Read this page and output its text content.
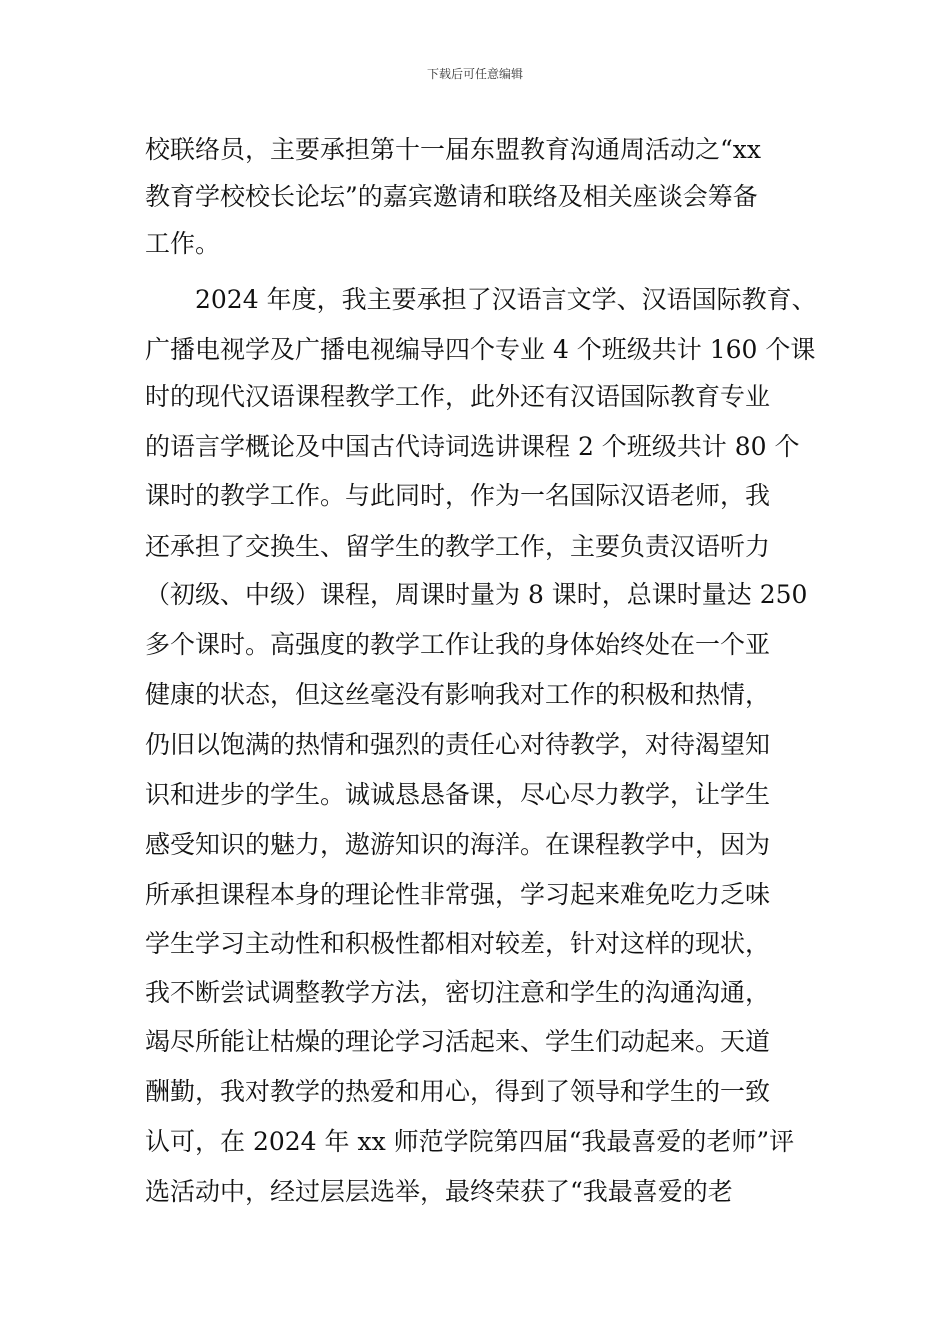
下载后可任意编辑
校联络员，主要承担第十一届东盟教育沟通周活动之“xx
教育学校校长论坛”的嘉宾邀请和联络及相关座谈会筹备
工作。
2024 年度，我主要承担了汉语言文学、汉语国际教育、
广播电视学及广播电视编导四个专业 4 个班级共计 160 个课
时的现代汉语课程教学工作，此外还有汉语国际教育专业
的语言学概论及中国古代诗词选讲课程 2 个班级共计 80 个
课时的教学工作。与此同时，作为一名国际汉语老师，我
还承担了交换生、留学生的教学工作，主要负责汉语听力
（初级、中级）课程，周课时量为 8 课时，总课时量达 250
多个课时。高强度的教学工作让我的身体始终处在一个亚
健康的状态，但这丝毫没有影响我对工作的积极和热情，
仍旧以饱满的热情和强烈的责任心对待教学，对待渴望知
识和进步的学生。诚诚恳恳备课，尽心尽力教学，让学生
感受知识的魅力，遨游知识的海洋。在课程教学中，因为
所承担课程本身的理论性非常强，学习起来难免吃力乏味
学生学习主动性和积极性都相对较差，针对这样的现状，
我不断尝试调整教学方法，密切注意和学生的沟通沟通，
竭尽所能让枯燥的理论学习活起来、学生们动起来。天道
酬勤，我对教学的热爱和用心，得到了领导和学生的一致
认可，在 2024 年 xx 师范学院第四届“我最喜爱的老师”评
选活动中，经过层层选举，最终荣获了“我最喜爱的老
